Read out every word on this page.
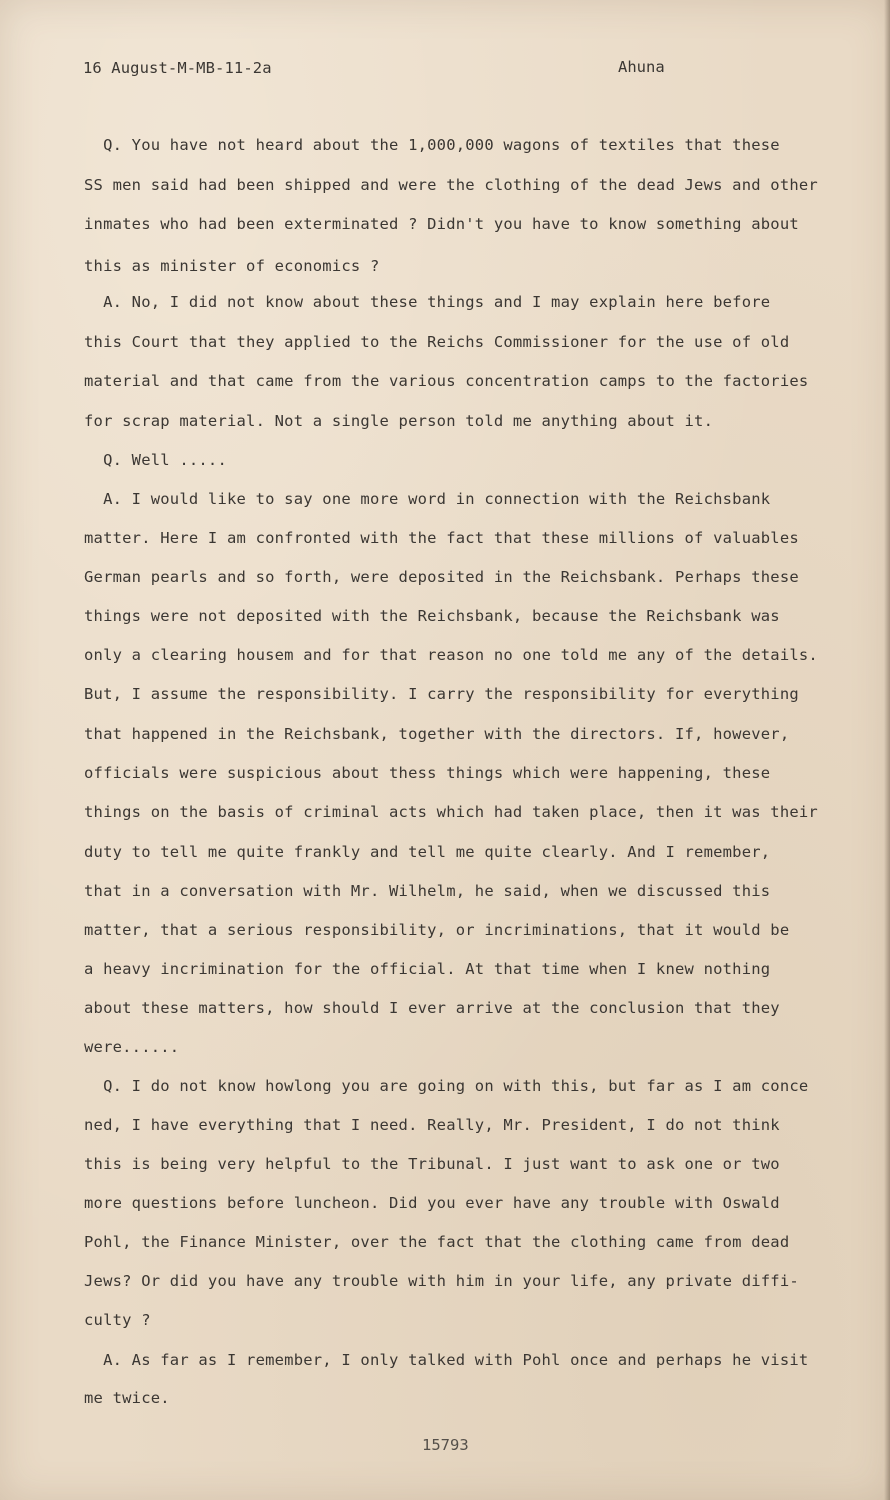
16 August-M-MB-11-2a	Ahuna
Q. You have not heard about the 1,000,000 wagons of textiles that these
SS men said had been shipped and were the clothing of the dead Jews and other
inmates who had been exterminated ? Didn't you have to know something about
this as minister of economics ?
A. No, I did not know about these things and I may explain here before
this Court that they applied to the Reichs Commissioner for the use of old
material and that came from the various concentration camps to the factories
for scrap material. Not a single person told me anything about it.
Q. Well .....
A. I would like to say one more word in connection with the Reichsbank
matter. Here I am confronted with the fact that these millions of valuables
German pearls and so forth, were deposited in the Reichsbank. Perhaps these
things were not deposited with the Reichsbank, because the Reichsbank was
only a clearing housem and for that reason no one told me any of the details.
But, I assume the responsibility. I carry the responsibility for everything
that happened in the Reichsbank, together with the directors. If, however,
officials were suspicious about thess things which were happening, these
things on the basis of criminal acts which had taken place, then it was their
duty to tell me quite frankly and tell me quite clearly. And I remember,
that in a conversation with Mr. Wilhelm, he said, when we discussed this
matter, that a serious responsibility, or incriminations, that it would be
a heavy incrimination for the official. At that time when I knew nothing
about these matters, how should I ever arrive at the conclusion that they
were......
Q. I do not know howlong you are going on with this, but far as I am conce
ned, I have everything that I need. Really, Mr. President, I do not think
this is being very helpful to the Tribunal. I just want to ask one or two
more questions before luncheon. Did you ever have any trouble with Oswald
Pohl, the Finance Minister, over the fact that the clothing came from dead
Jews? Or did you have any trouble with him in your life, any private diffi-
culty ?
A. As far as I remember, I only talked with Pohl once and perhaps he visit
me twice.
15793
